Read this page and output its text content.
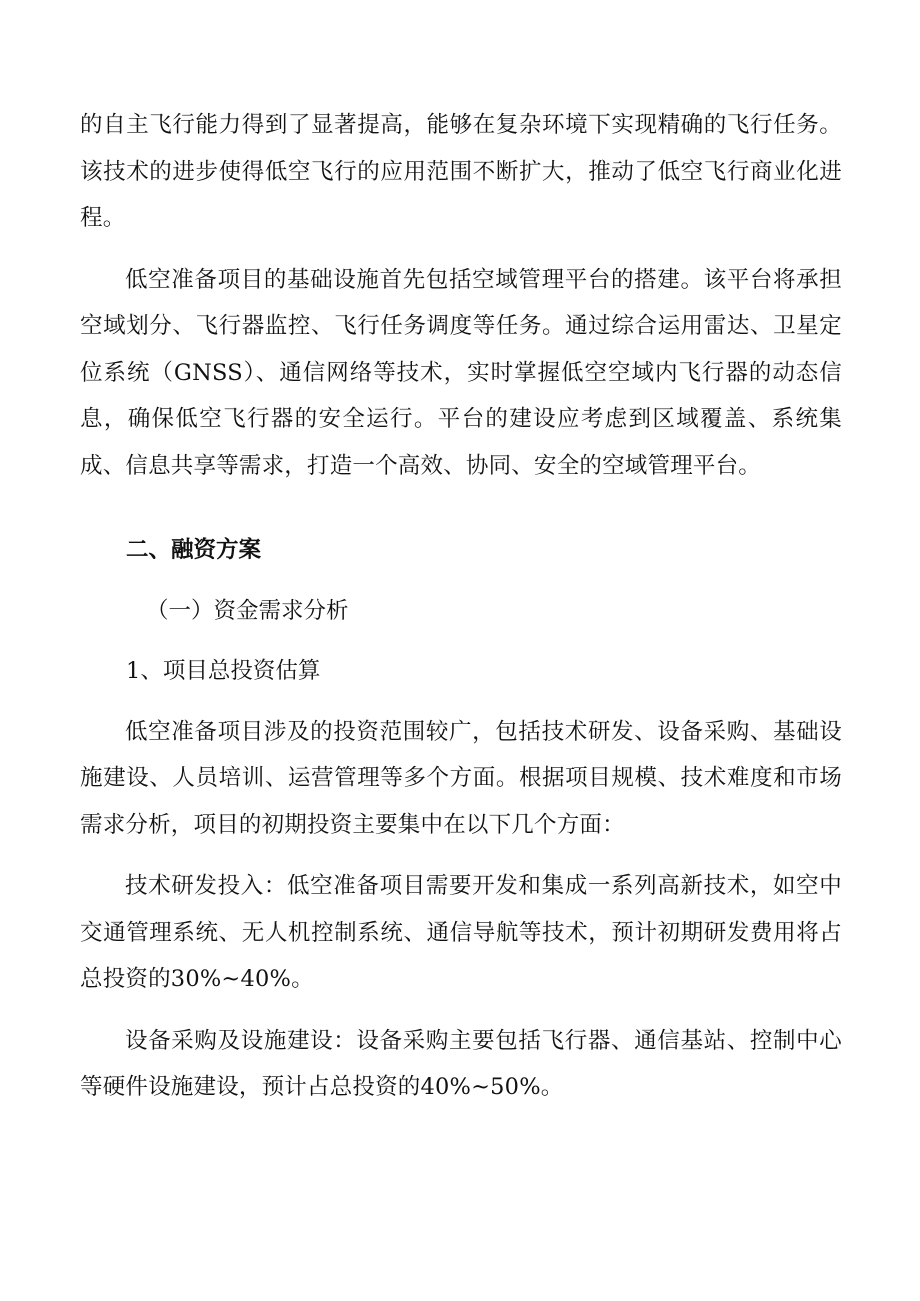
的自主飞行能力得到了显著提高，能够在复杂环境下实现精确的飞行任务。该技术的进步使得低空飞行的应用范围不断扩大，推动了低空飞行商业化进程。

低空准备项目的基础设施首先包括空域管理平台的搭建。该平台将承担空域划分、飞行器监控、飞行任务调度等任务。通过综合运用雷达、卫星定位系统（GNSS）、通信网络等技术，实时掌握低空空域内飞行器的动态信息，确保低空飞行器的安全运行。平台的建设应考虑到区域覆盖、系统集成、信息共享等需求，打造一个高效、协同、安全的空域管理平台。

二、融资方案

（一）资金需求分析

1、项目总投资估算

低空准备项目涉及的投资范围较广，包括技术研发、设备采购、基础设施建设、人员培训、运营管理等多个方面。根据项目规模、技术难度和市场需求分析，项目的初期投资主要集中在以下几个方面：

技术研发投入：低空准备项目需要开发和集成一系列高新技术，如空中交通管理系统、无人机控制系统、通信导航等技术，预计初期研发费用将占总投资的30%~40%。

设备采购及设施建设：设备采购主要包括飞行器、通信基站、控制中心等硬件设施建设，预计占总投资的40%~50%。
